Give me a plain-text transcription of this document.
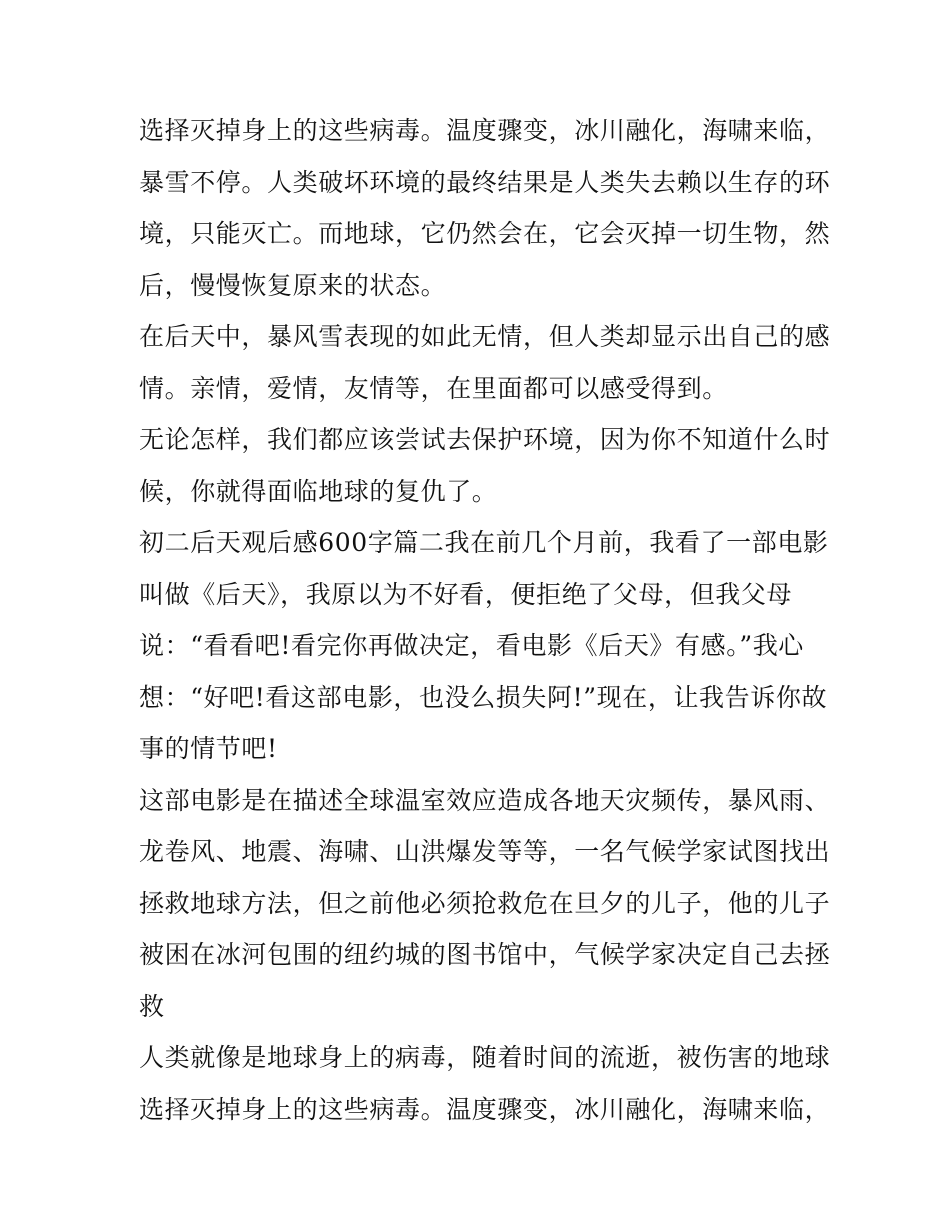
选择灭掉身上的这些病毒。温度骤变，冰川融化，海啸来临，
暴雪不停。人类破坏环境的最终结果是人类失去赖以生存的环
境，只能灭亡。而地球，它仍然会在，它会灭掉一切生物，然
后，慢慢恢复原来的状态。
在后天中，暴风雪表现的如此无情，但人类却显示出自己的感
情。亲情，爱情，友情等，在里面都可以感受得到。
无论怎样，我们都应该尝试去保护环境，因为你不知道什么时
候，你就得面临地球的复仇了。
初二后天观后感600字篇二我在前几个月前，我看了一部电影
叫做《后天》，我原以为不好看，便拒绝了父母，但我父母
说：“看看吧!看完你再做决定，看电影《后天》有感。”我心
想：“好吧!看这部电影，也没么损失阿!”现在，让我告诉你故
事的情节吧!
这部电影是在描述全球温室效应造成各地天灾频传，暴风雨、
龙卷风、地震、海啸、山洪爆发等等，一名气候学家试图找出
拯救地球方法，但之前他必须抢救危在旦夕的儿子，他的儿子
被困在冰河包围的纽约城的图书馆中，气候学家决定自己去拯
救
人类就像是地球身上的病毒，随着时间的流逝，被伤害的地球
选择灭掉身上的这些病毒。温度骤变，冰川融化，海啸来临，
